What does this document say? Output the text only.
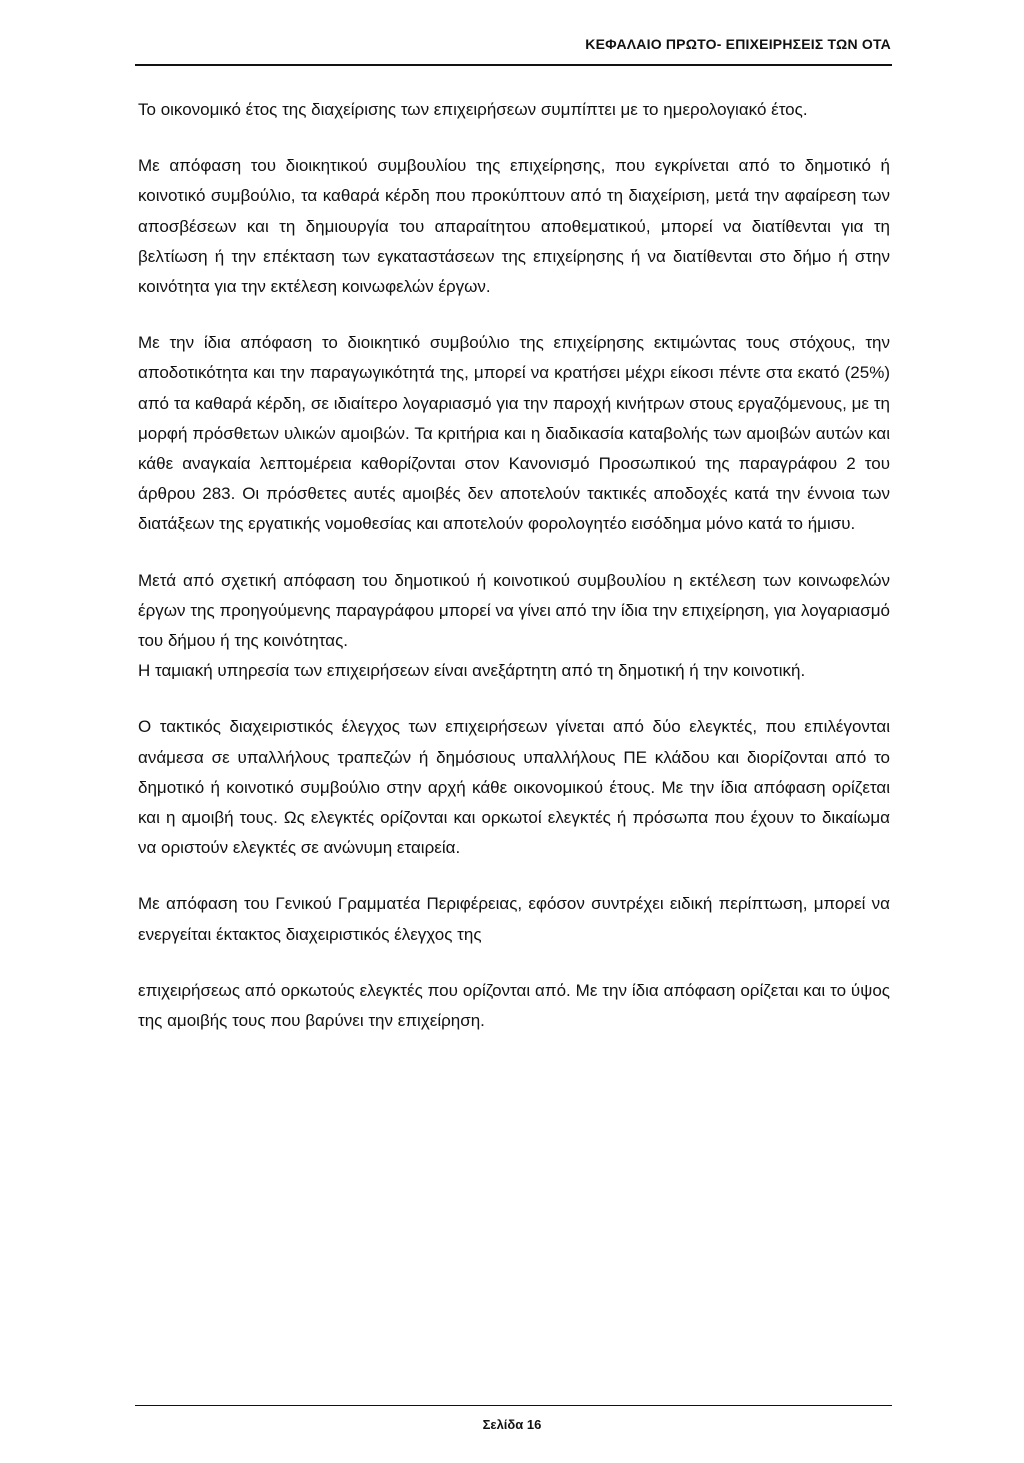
ΚΕΦΑΛΑΙΟ ΠΡΩΤΟ- ΕΠΙΧΕΙΡΗΣΕΙΣ ΤΩΝ ΟΤΑ

Το οικονομικό έτος της διαχείρισης των επιχειρήσεων συμπίπτει με το ημερολογιακό έτος.

Με απόφαση του διοικητικού συμβουλίου της επιχείρησης, που εγκρίνεται από το δημοτικό ή κοινοτικό συμβούλιο, τα καθαρά κέρδη που προκύπτουν από τη διαχείριση, μετά την αφαίρεση των αποσβέσεων και τη δημιουργία του απαραίτητου αποθεματικού, μπορεί να διατίθενται για τη βελτίωση ή την επέκταση των εγκαταστάσεων της επιχείρησης ή να διατίθενται στο δήμο ή στην κοινότητα για την εκτέλεση κοινωφελών έργων.

Με την ίδια απόφαση το διοικητικό συμβούλιο της επιχείρησης εκτιμώντας τους στόχους, την αποδοτικότητα και την παραγωγικότητά της, μπορεί να κρατήσει μέχρι είκοσι πέντε στα εκατό (25%) από τα καθαρά κέρδη, σε ιδιαίτερο λογαριασμό για την παροχή κινήτρων στους εργαζόμενους, με τη μορφή πρόσθετων υλικών αμοιβών. Τα κριτήρια και η διαδικασία καταβολής των αμοιβών αυτών και κάθε αναγκαία λεπτομέρεια καθορίζονται στον Κανονισμό Προσωπικού της παραγράφου 2 του άρθρου 283. Οι πρόσθετες αυτές αμοιβές δεν αποτελούν τακτικές αποδοχές κατά την έννοια των διατάξεων της εργατικής νομοθεσίας και αποτελούν φορολογητέο εισόδημα μόνο κατά το ήμισυ.

Μετά από σχετική απόφαση του δημοτικού ή κοινοτικού συμβουλίου η εκτέλεση των κοινωφελών έργων της προηγούμενης παραγράφου μπορεί να γίνει από την ίδια την επιχείρηση, για λογαριασμό του δήμου ή της κοινότητας.

Η ταμιακή υπηρεσία των επιχειρήσεων είναι ανεξάρτητη από τη δημοτική ή την κοινοτική.

Ο τακτικός διαχειριστικός έλεγχος των επιχειρήσεων γίνεται από δύο ελεγκτές, που επιλέγονται ανάμεσα σε υπαλλήλους τραπεζών ή δημόσιους υπαλλήλους ΠΕ κλάδου και διορίζονται από το δημοτικό ή κοινοτικό συμβούλιο στην αρχή κάθε οικονομικού έτους. Με την ίδια απόφαση ορίζεται και η αμοιβή τους. Ως ελεγκτές ορίζονται και ορκωτοί ελεγκτές ή πρόσωπα που έχουν το δικαίωμα να οριστούν ελεγκτές σε ανώνυμη εταιρεία.

Με απόφαση του Γενικού Γραμματέα Περιφέρειας, εφόσον συντρέχει ειδική περίπτωση, μπορεί να ενεργείται έκτακτος διαχειριστικός έλεγχος της

επιχειρήσεως από ορκωτούς ελεγκτές που ορίζονται από. Με την ίδια απόφαση ορίζεται και το ύψος της αμοιβής τους που βαρύνει την επιχείρηση.

Σελίδα 16
